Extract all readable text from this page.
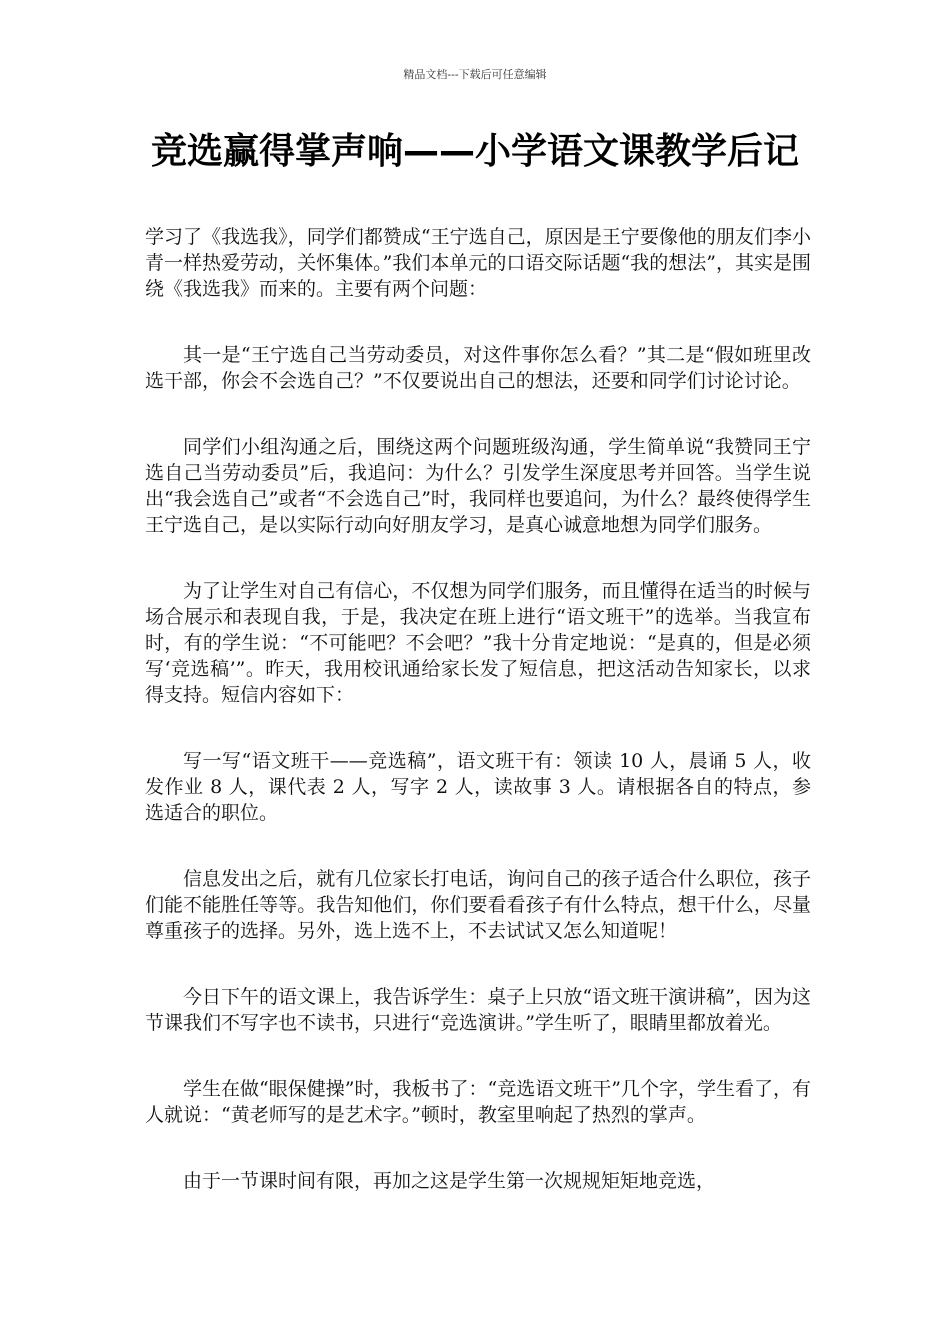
精品文档---下载后可任意编辑
竞选赢得掌声响——小学语文课教学后记

学习了《我选我》，同学们都赞成“王宁选自己，原因是王宁要像他的朋友们李小青一样热爱劳动，关怀集体。”我们本单元的口语交际话题“我的想法”，其实是围绕《我选我》而来的。主要有两个问题：

其一是“王宁选自己当劳动委员，对这件事你怎么看？”其二是“假如班里改选干部，你会不会选自己？”不仅要说出自己的想法，还要和同学们讨论讨论。

同学们小组沟通之后，围绕这两个问题班级沟通，学生简单说“我赞同王宁选自己当劳动委员”后，我追问：为什么？引发学生深度思考并回答。当学生说出“我会选自己”或者“不会选自己”时，我同样也要追问，为什么？最终使得学生王宁选自己，是以实际行动向好朋友学习，是真心诚意地想为同学们服务。

为了让学生对自己有信心，不仅想为同学们服务，而且懂得在适当的时候与场合展示和表现自我，于是，我决定在班上进行“语文班干”的选举。当我宣布时，有的学生说：“不可能吧？不会吧？”我十分肯定地说：“是真的，但是必须写‘竞选稿’”。昨天，我用校讯通给家长发了短信息，把这活动告知家长，以求得支持。短信内容如下：

写一写“语文班干——竞选稿”，语文班干有：领读 10 人，晨诵 5 人，收发作业 8 人，课代表 2 人，写字 2 人，读故事 3 人。请根据各自的特点，参选适合的职位。

信息发出之后，就有几位家长打电话，询问自己的孩子适合什么职位，孩子们能不能胜任等等。我告知他们，你们要看看孩子有什么特点，想干什么，尽量尊重孩子的选择。另外，选上选不上，不去试试又怎么知道呢！

今日下午的语文课上，我告诉学生：桌子上只放“语文班干演讲稿”，因为这节课我们不写字也不读书，只进行“竞选演讲。”学生听了，眼睛里都放着光。

学生在做“眼保健操”时，我板书了：“竞选语文班干”几个字，学生看了，有人就说：“黄老师写的是艺术字。”顿时，教室里响起了热烈的掌声。

由于一节课时间有限，再加之这是学生第一次规规矩矩地竞选，
